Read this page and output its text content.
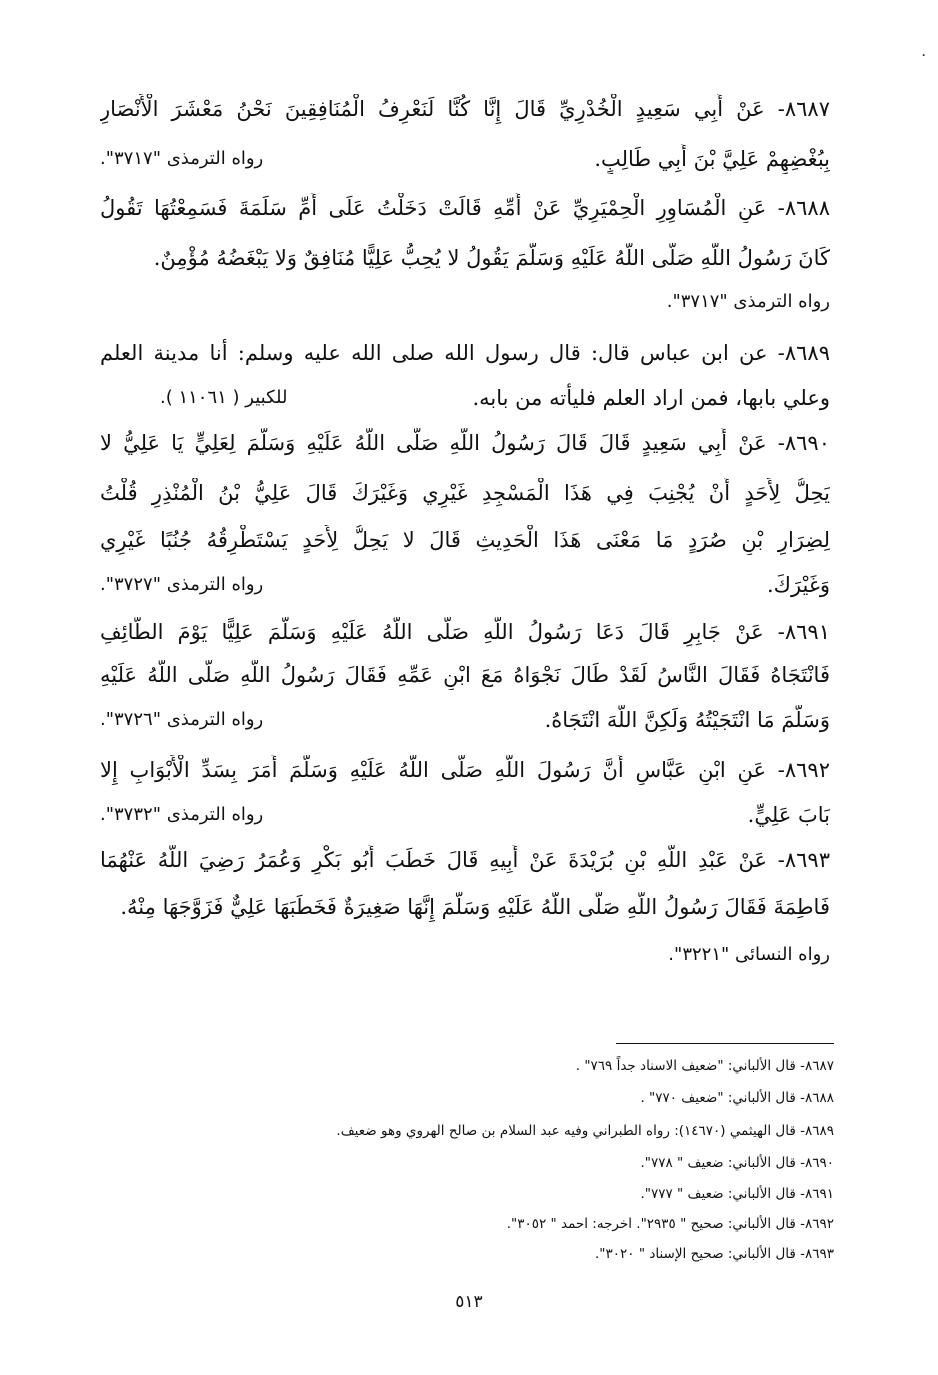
·
٨٦٨٧- عَنْ أَبِي سَعِيدٍ الْخُدْرِيِّ قَالَ إِنَّا كُنَّا لَنَعْرِفُ الْمُنَافِقِينَ نَحْنُ مَعْشَرَ الْأَنْصَارِ
بِبُغْضِهِمْ عَلِيَّ بْنَ أَبِي طَالِبٍ.
رواه الترمذى "٣٧١٧".
٨٦٨٨- عَنِ الْمُسَاوِرِ الْحِمْيَرِيِّ عَنْ أُمِّهِ قَالَتْ دَخَلْتُ عَلَى أُمِّ سَلَمَةَ فَسَمِعْتُهَا تَقُولُ
كَانَ رَسُولُ اللَّهِ صَلَّى اللَّهُ عَلَيْهِ وَسَلَّمَ يَقُولُ لا يُحِبُّ عَلِيًّا مُنَافِقٌ وَلا يَبْغَضُهُ مُؤْمِنٌ.
رواه الترمذى "٣٧١٧".
٨٦٨٩- عن ابن عباس قال: قال رسول الله صلى الله عليه وسلم: أنا مدينة العلم
وعلي بابها، فمن اراد العلم فليأته من بابه.
للكبير ( ١١٠٦١ ).
٨٦٩٠- عَنْ أَبِي سَعِيدٍ قَالَ قَالَ رَسُولُ اللَّهِ صَلَّى اللَّهُ عَلَيْهِ وَسَلَّمَ لِعَلِيٍّ يَا عَلِيُّ لا
يَحِلُّ لِأَحَدٍ أَنْ يُجْنِبَ فِي هَذَا الْمَسْجِدِ غَيْرِي وَغَيْرَكَ قَالَ عَلِيُّ بْنُ الْمُنْذِرِ قُلْتُ
لِضِرَارِ بْنِ صُرَدٍ مَا مَعْنَى هَذَا الْحَدِيثِ قَالَ لا يَحِلُّ لِأَحَدٍ يَسْتَطْرِقُهُ جُنُبًا غَيْرِي
وَغَيْرَكَ.
رواه الترمذى "٣٧٢٧".
٨٦٩١- عَنْ جَابِرٍ قَالَ دَعَا رَسُولُ اللَّهِ صَلَّى اللَّهُ عَلَيْهِ وَسَلَّمَ عَلِيًّا يَوْمَ الطَّائِفِ
فَانْتَجَاهُ فَقَالَ النَّاسُ لَقَدْ طَالَ نَجْوَاهُ مَعَ ابْنِ عَمِّهِ فَقَالَ رَسُولُ اللَّهِ صَلَّى اللَّهُ عَلَيْهِ
وَسَلَّمَ مَا انْتَجَيْتُهُ وَلَكِنَّ اللَّهَ انْتَجَاهُ.
رواه الترمذى "٣٧٢٦".
٨٦٩٢- عَنِ ابْنِ عَبَّاسٍ أَنَّ رَسُولَ اللَّهِ صَلَّى اللَّهُ عَلَيْهِ وَسَلَّمَ أَمَرَ بِسَدِّ الْأَبْوَابِ إِلا
بَابَ عَلِيٍّ.
رواه الترمذى "٣٧٣٢".
٨٦٩٣- عَنْ عَبْدِ اللَّهِ بْنِ بُرَيْدَةَ عَنْ أَبِيهِ قَالَ خَطَبَ أَبُو بَكْرٍ وَعُمَرُ رَضِيَ اللَّهُ عَنْهُمَا
فَاطِمَةَ فَقَالَ رَسُولُ اللَّهِ صَلَّى اللَّهُ عَلَيْهِ وَسَلَّمَ إِنَّهَا صَغِيرَةٌ فَخَطَبَهَا عَلِيٌّ فَزَوَّجَهَا مِنْهُ.
رواه النسائى "٣٢٢١".
٨٦٨٧- قال الألباني: "ضعيف الاسناد جداً ٧٦٩" .
٨٦٨٨- قال الألباني: "ضعيف ٧٧٠" .
٨٦٨٩- قال الهيثمي (١٤٦٧٠): رواه الطبراني وفيه عبد السلام بن صالح الهروي وهو ضعيف.
٨٦٩٠- قال الألباني: ضعيف " ٧٧٨".
٨٦٩١- قال الألباني: ضعيف " ٧٧٧".
٨٦٩٢- قال الألباني: صحيح " ٢٩٣٥". اخرجه: احمد " ٣٠٥٢".
٨٦٩٣- قال الألباني: صحيح الإسناد " ٣٠٢٠".
٥١٣
